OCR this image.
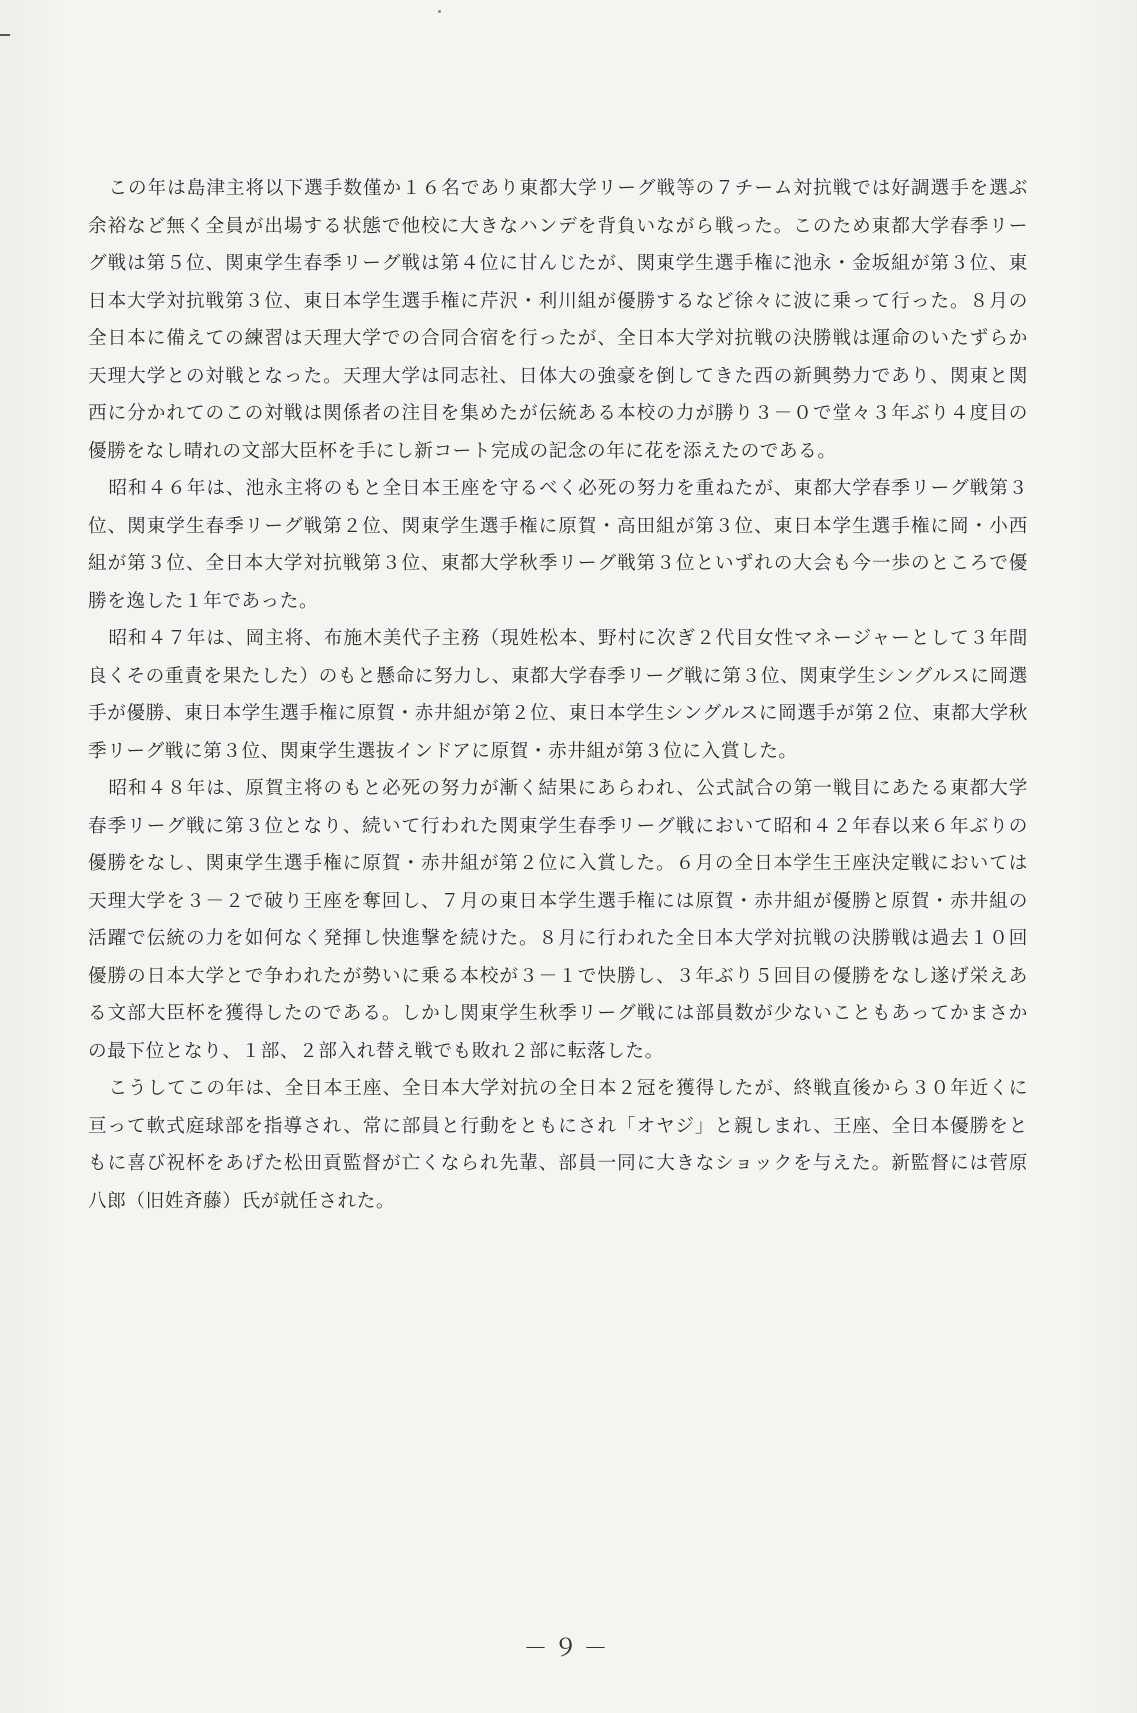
この年は島津主将以下選手数僅か１６名であり東都大学リーグ戦等の７チーム対抗戦では好調選手を選ぶ余裕など無く全員が出場する状態で他校に大きなハンデを背負いながら戦った。このため東都大学春季リーグ戦は第５位、関東学生春季リーグ戦は第４位に甘んじたが、関東学生選手権に池永・金坂組が第３位、東日本大学対抗戦第３位、東日本学生選手権に芹沢・利川組が優勝するなど徐々に波に乗って行った。８月の全日本に備えての練習は天理大学での合同合宿を行ったが、全日本大学対抗戦の決勝戦は運命のいたずらか天理大学との対戦となった。天理大学は同志社、日体大の強豪を倒してきた西の新興勢力であり、関東と関西に分かれてのこの対戦は関係者の注目を集めたが伝統ある本校の力が勝り３－０で堂々３年ぶり４度目の優勝をなし晴れの文部大臣杯を手にし新コート完成の記念の年に花を添えたのである。

昭和４６年は、池永主将のもと全日本王座を守るべく必死の努力を重ねたが、東都大学春季リーグ戦第３位、関東学生春季リーグ戦第２位、関東学生選手権に原賀・高田組が第３位、東日本学生選手権に岡・小西組が第３位、全日本大学対抗戦第３位、東都大学秋季リーグ戦第３位といずれの大会も今一歩のところで優勝を逸した１年であった。

昭和４７年は、岡主将、布施木美代子主務（現姓松本、野村に次ぎ２代目女性マネージャーとして３年間良くその重責を果たした）のもと懸命に努力し、東都大学春季リーグ戦に第３位、関東学生シングルスに岡選手が優勝、東日本学生選手権に原賀・赤井組が第２位、東日本学生シングルスに岡選手が第２位、東都大学秋季リーグ戦に第３位、関東学生選抜インドアに原賀・赤井組が第３位に入賞した。

昭和４８年は、原賀主将のもと必死の努力が漸く結果にあらわれ、公式試合の第一戦目にあたる東都大学春季リーグ戦に第３位となり、続いて行われた関東学生春季リーグ戦において昭和４２年春以来６年ぶりの優勝をなし、関東学生選手権に原賀・赤井組が第２位に入賞した。６月の全日本学生王座決定戦においては天理大学を３－２で破り王座を奪回し、７月の東日本学生選手権には原賀・赤井組が優勝と原賀・赤井組の活躍で伝統の力を如何なく発揮し快進撃を続けた。８月に行われた全日本大学対抗戦の決勝戦は過去１０回優勝の日本大学とで争われたが勢いに乗る本校が３－１で快勝し、３年ぶり５回目の優勝をなし遂げ栄えある文部大臣杯を獲得したのである。しかし関東学生秋季リーグ戦には部員数が少ないこともあってかまさかの最下位となり、１部、２部入れ替え戦でも敗れ２部に転落した。

こうしてこの年は、全日本王座、全日本大学対抗の全日本２冠を獲得したが、終戦直後から３０年近くに亘って軟式庭球部を指導され、常に部員と行動をともにされ「オヤジ」と親しまれ、王座、全日本優勝をともに喜び祝杯をあげた松田貢監督が亡くなられ先輩、部員一同に大きなショックを与えた。新監督には菅原八郎（旧姓斉藤）氏が就任された。

－９－
